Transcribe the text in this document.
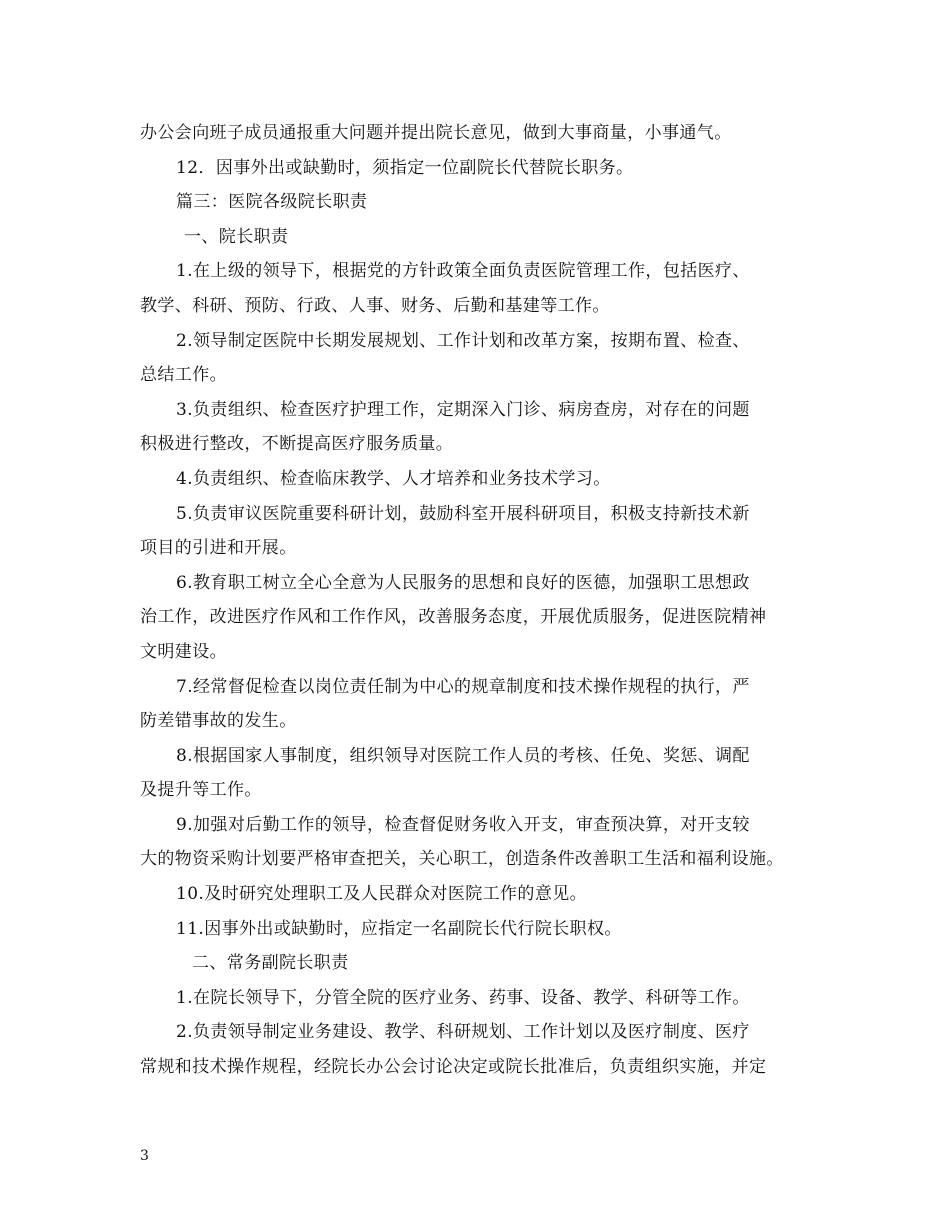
办公会向班子成员通报重大问题并提出院长意见，做到大事商量，小事通气。
12．因事外出或缺勤时，须指定一位副院长代替院长职务。
篇三：医院各级院长职责
一、院长职责
1.在上级的领导下，根据党的方针政策全面负责医院管理工作，包括医疗、
教学、科研、预防、行政、人事、财务、后勤和基建等工作。
2.领导制定医院中长期发展规划、工作计划和改革方案，按期布置、检查、
总结工作。
3.负责组织、检查医疗护理工作，定期深入门诊、病房查房，对存在的问题
积极进行整改，不断提高医疗服务质量。
4.负责组织、检查临床教学、人才培养和业务技术学习。
5.负责审议医院重要科研计划，鼓励科室开展科研项目，积极支持新技术新
项目的引进和开展。
6.教育职工树立全心全意为人民服务的思想和良好的医德，加强职工思想政
治工作，改进医疗作风和工作作风，改善服务态度，开展优质服务，促进医院精神
文明建设。
7.经常督促检查以岗位责任制为中心的规章制度和技术操作规程的执行，严
防差错事故的发生。
8.根据国家人事制度，组织领导对医院工作人员的考核、任免、奖惩、调配
及提升等工作。
9.加强对后勤工作的领导，检查督促财务收入开支，审查预决算，对开支较
大的物资采购计划要严格审查把关，关心职工，创造条件改善职工生活和福利设施。
10.及时研究处理职工及人民群众对医院工作的意见。
11.因事外出或缺勤时，应指定一名副院长代行院长职权。
二、常务副院长职责
1.在院长领导下，分管全院的医疗业务、药事、设备、教学、科研等工作。
2.负责领导制定业务建设、教学、科研规划、工作计划以及医疗制度、医疗
常规和技术操作规程，经院长办公会讨论决定或院长批准后，负责组织实施，并定
3
